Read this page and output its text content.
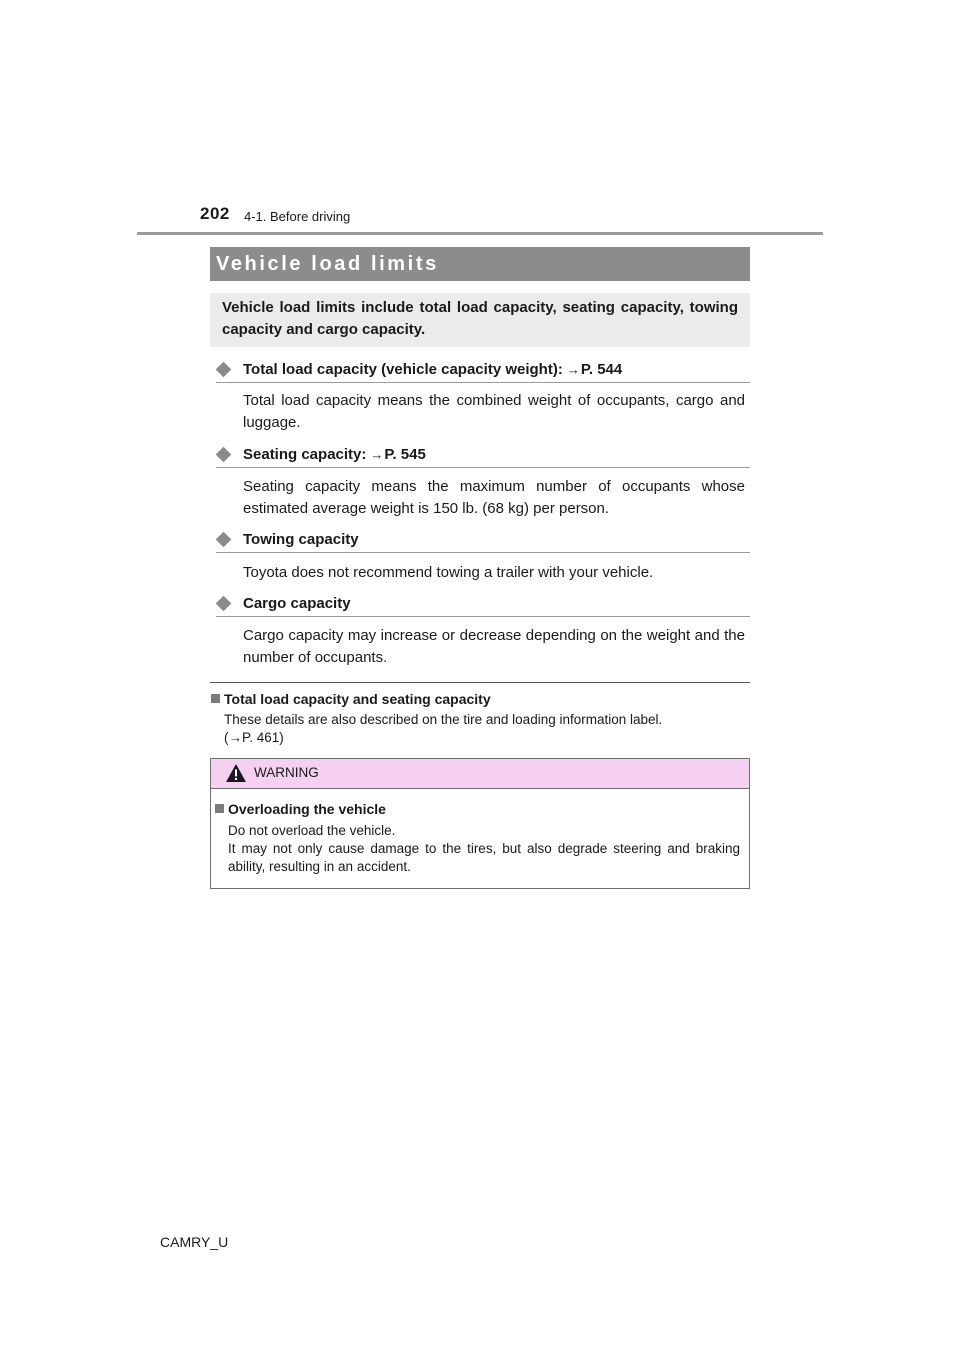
202 4-1. Before driving
Vehicle load limits

Vehicle load limits include total load capacity, seating capacity, towing capacity and cargo capacity.

Total load capacity (vehicle capacity weight): →P. 544

Total load capacity means the combined weight of occupants, cargo and luggage.

Seating capacity: →P. 545

Seating capacity means the maximum number of occupants whose estimated average weight is 150 lb. (68 kg) per person.

Towing capacity

Toyota does not recommend towing a trailer with your vehicle.

Cargo capacity

Cargo capacity may increase or decrease depending on the weight and the number of occupants.

Total load capacity and seating capacity

These details are also described on the tire and loading information label.
(→P. 461)

WARNING
Overloading the vehicle

Do not overload the vehicle.
It may not only cause damage to the tires, but also degrade steering and braking ability, resulting in an accident.

CAMRY_U
